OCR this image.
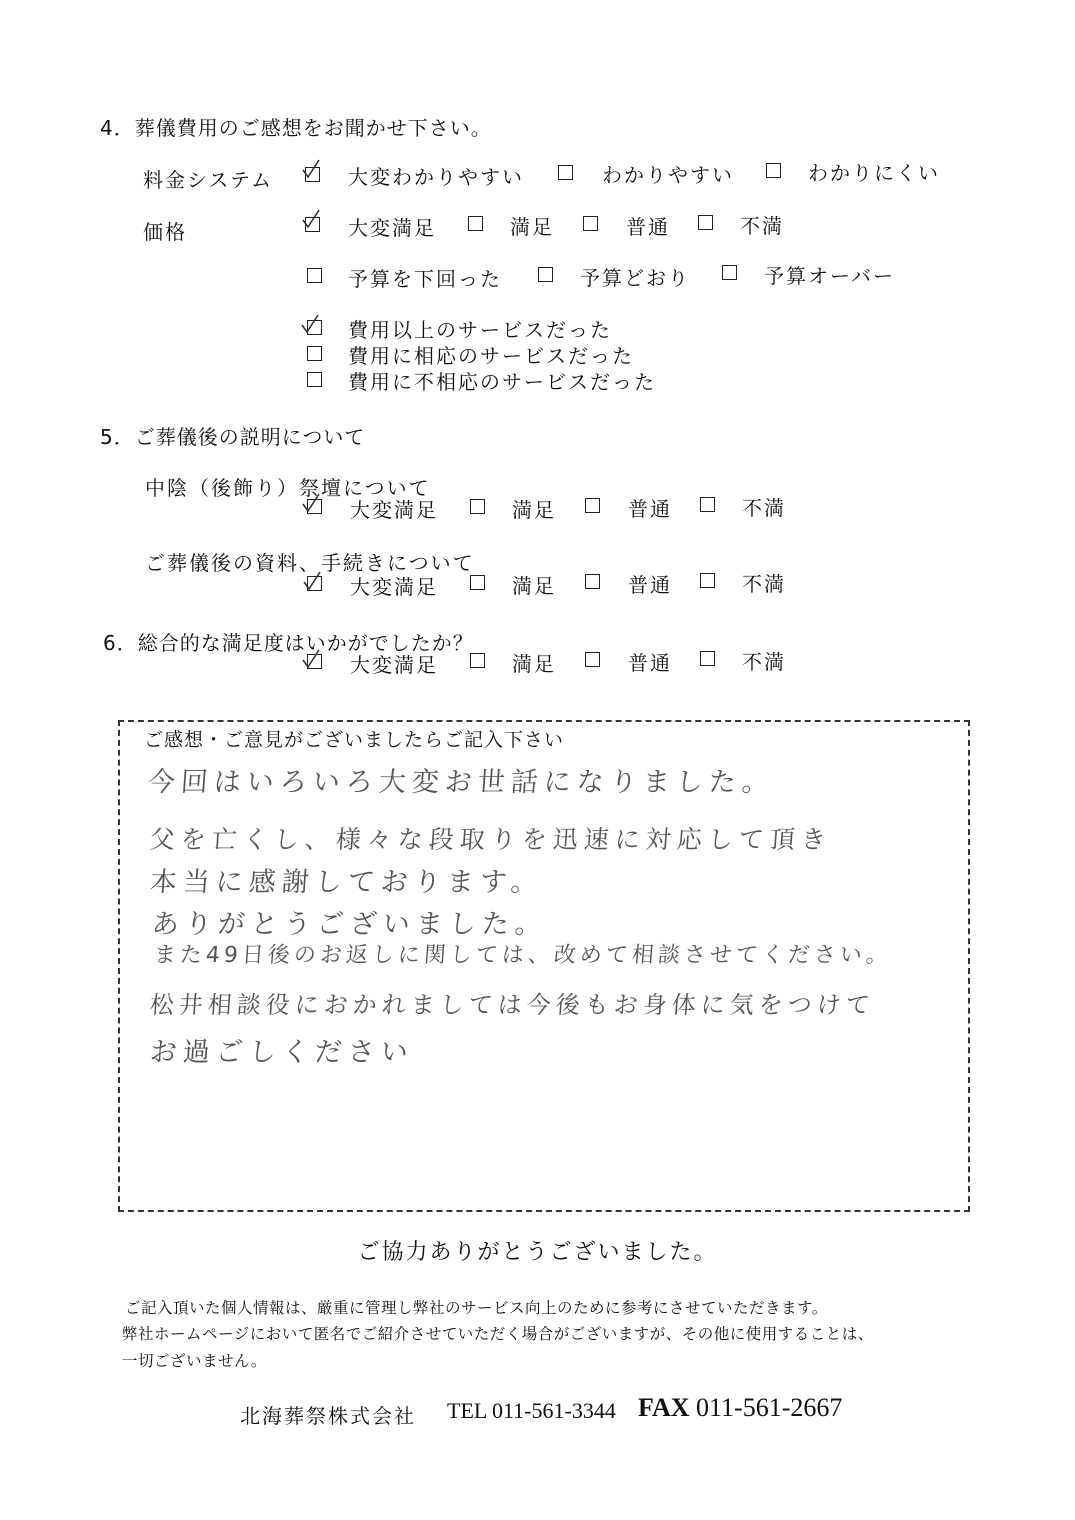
4．葬儀費用のご感想をお聞かせ下さい。
料金システム	大変わかりやすい	わかりやすい	わかりにくい
価格	大変満足	満足	普通	不満
予算を下回った	予算どおり	予算オーバー
費用以上のサービスだった
費用に相応のサービスだった
費用に不相応のサービスだった
5．ご葬儀後の説明について
中陰（後飾り）祭壇について
大変満足	満足	普通	不満
ご葬儀後の資料、手続きについて
大変満足	満足	普通	不満
6．総合的な満足度はいかがでしたか？
大変満足	満足	普通	不満
ご感想・ご意見がございましたらご記入下さい
今回はいろいろ大変お世話になりました。
父を亡くし、様々な段取りを迅速に対応して頂き
本当に感謝しております。
ありがとうございました。
また49日後のお返しに関しては、改めて相談させてください。
松井相談役におかれましては今後もお身体に気をつけて
お過ごしください
ご協力ありがとうございました。
ご記入頂いた個人情報は、厳重に管理し弊社のサービス向上のために参考にさせていただきます。
弊社ホームページにおいて匿名でご紹介させていただく場合がございますが、その他に使用することは、
一切ございません。
北海葬祭株式会社 TEL 011-561-3344 FAX 011-561-2667
